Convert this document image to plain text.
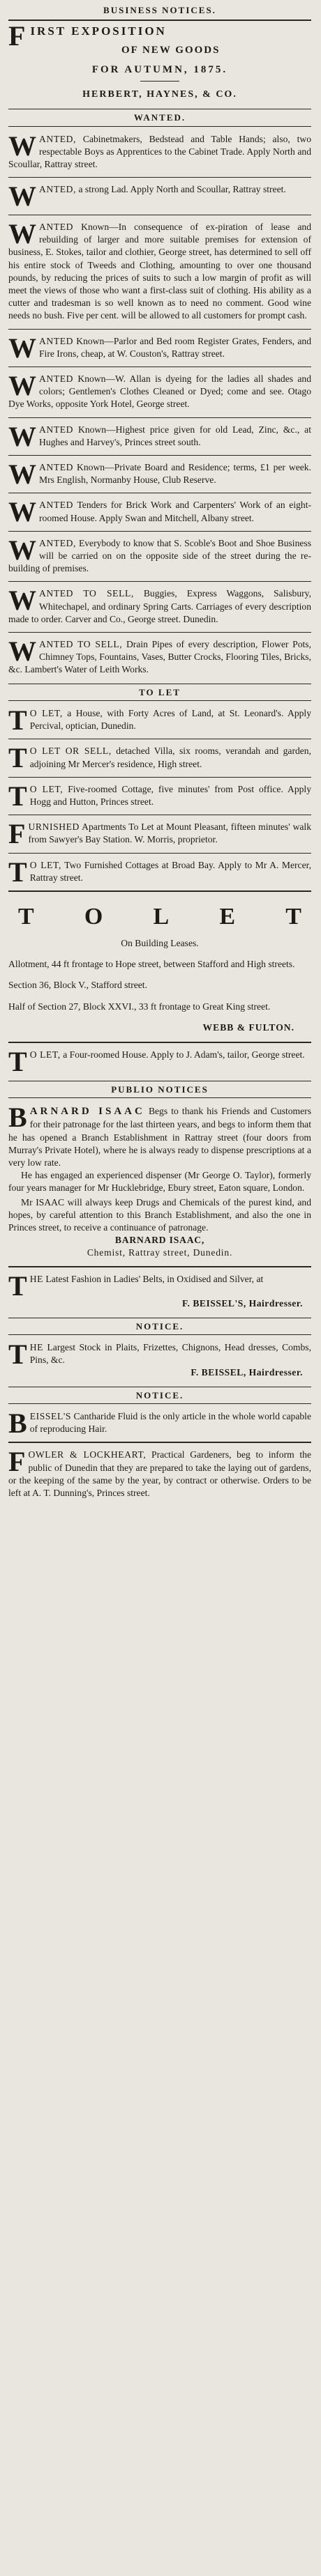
BUSINESS NOTICES.
F IRST EXPOSITION
OF NEW GOODS
FOR AUTUMN, 1875.
HERBERT, HAYNES, & CO.
WANTED.
WANTED, Cabinetmakers, Bedstead and Table Hands; also, two respectable Boys as Apprentices to the Cabinet Trade. Apply North and Scoullar, Rattray street.
WANTED, a strong Lad. Apply North and Scoullar, Rattray street.
WANTED Known—In consequence of ex-piration of lease and rebuilding of larger and more suitable premises for extension of business, E. Stokes, tailor and clothier, George street, has determined to sell off his entire stock of Tweeds and Clothing, amounting to over one thousand pounds, by reducing the prices of suits to such a low margin of profit as will meet the views of those who want a first-class suit of clothing. His ability as a cutter and tradesman is so well known as to need no comment. Good wine needs no bush. Five per cent. will be allowed to all customers for prompt cash.
WANTED Known—Parlor and Bed room Register Grates, Fenders, and Fire Irons, cheap, at W. Couston's, Rattray street.
WANTED Known—W. Allan is dyeing for the ladies all shades and colors; Gentlemen's Clothes Cleaned or Dyed; come and see. Otago Dye Works, opposite York Hotel, George street.
WANTED Known—Highest price given for old Lead, Zinc, &c., at Hughes and Harvey's, Princes street south.
WANTED Known—Private Board and Residence; terms, £1 per week. Mrs English, Normanby House, Club Reserve.
WANTED Tenders for Brick Work and Carpenters' Work of an eight-roomed House. Apply Swan and Mitchell, Albany street.
WANTED, Everybody to know that S. Scoble's Boot and Shoe Business will be carried on on the opposite side of the street during the re-building of premises.
WANTED TO SELL, Buggies, Express Waggons, Salisbury, Whitechapel, and ordinary Spring Carts. Carriages of every description made to order. Carver and Co., George street. Dunedin.
WANTED TO SELL, Drain Pipes of every description, Flower Pots, Chimney Tops, Fountains, Vases, Butter Crocks, Flooring Tiles, Bricks, &c. Lambert's Water of Leith Works.
TO LET
T O LET, a House, with Forty Acres of Land, at St. Leonard's. Apply Percival, optician, Dunedin.
T O LET OR SELL, detached Villa, six rooms, verandah and garden, adjoining Mr Mercer's residence, High street.
T O LET, Five-roomed Cottage, five minutes' from Post office. Apply Hogg and Hutton, Princes street.
FURNISHED Apartments To Let at Mount Pleasant, fifteen minutes' walk from Sawyer's Bay Station. W. Morris, proprietor.
T O LET, Two Furnished Cottages at Broad Bay. Apply to Mr A. Mercer, Rattray street.
T O L E T
On Building Leases.
Allotment, 44 ft frontage to Hope street, between Stafford and High streets.
Section 36, Block V., Stafford street.
Half of Section 27, Block XXVI., 33 ft frontage to Great King street.
WEBB & FULTON.
T O LET, a Four-roomed House. Apply to J. Adam's, tailor, George street.
PUBLIO NOTICES
B ARNARD ISAAC Begs to thank his Friends and Customers for their patronage for the last thirteen years, and begs to inform them that he has opened a Branch Establishment in Rattray street (four doors from Murray's Private Hotel), where he is always ready to dispense prescriptions at a very low rate.

He has engaged an experienced dispenser (Mr George O. Taylor), formerly four years manager for Mr Hucklebridge, Ebury street, Eaton square, London.

Mr ISAAC will always keep Drugs and Chemicals of the purest kind, and hopes, by careful attention to this Branch Establishment, and also the one in Princes street, to receive a continuance of patronage.

BARNARD ISAAC,
Chemist, Rattray street, Dunedin.
T HE Latest Fashion in Ladies' Belts, in Oxidised and Silver, at
F. BEISSEL'S, Hairdresser.
NOTICE.
T HE Largest Stock in Plaits, Frizettes, Chignons, Head dresses, Combs, Pins, &c.
F. BEISSEL, Hairdresser.
NOTICE.
B EISSEL'S Cantharide Fluid is the only article in the whole world capable of reproducing Hair.
F OWLER & LOCKHEART, Practical Gardeners, beg to inform the public of Dunedin that they are prepared to take the laying out of gardens, or the keeping of the same by the year, by contract or otherwise. Orders to be left at A. T. Dunning's, Princes street.
